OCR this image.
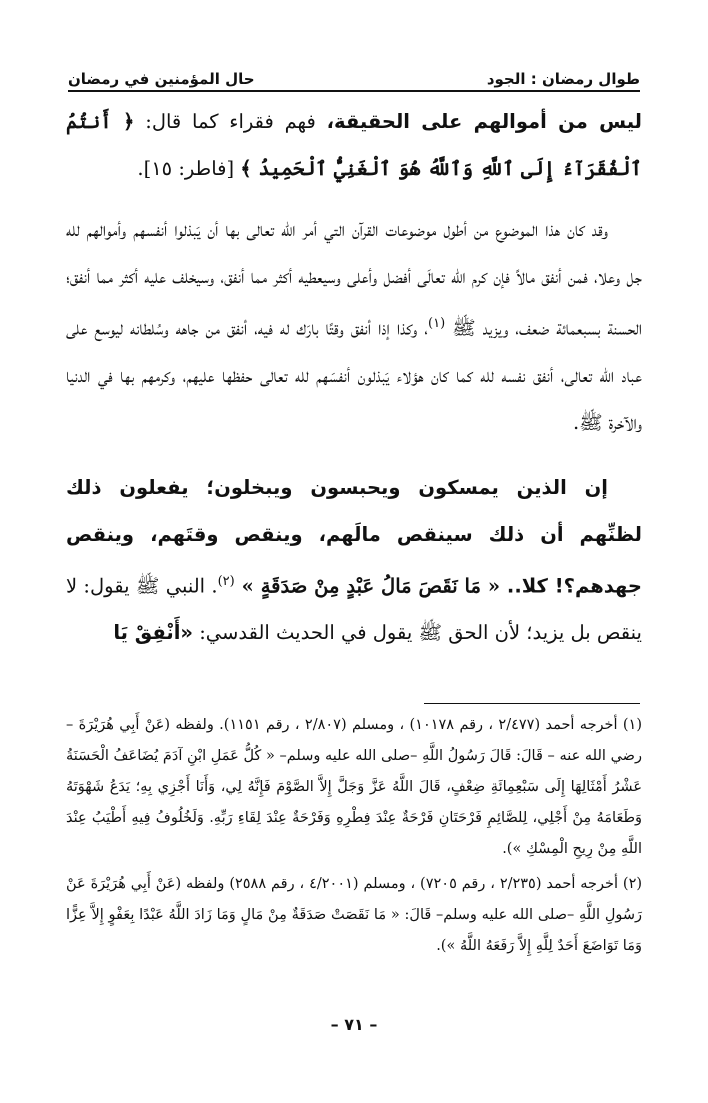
طوال رمضان : الجود
حال المؤمنين في رمضان

ليس من أموالهم على الحقيقة، فهم فقراء كما قال: ﴿ أَنتُمُ ٱلْفُقَرَآءُ إِلَى ٱللَّهِ وَٱللَّهُ هُوَ ٱلْغَنِيُّ ٱلْحَمِيدُ ﴾ [فاطر: ١٥].

وقد كان هذا الموضوع من أطول موضوعات القرآن التي أمر الله تعالى بها أن يَبذلوا أنفسهم وأموالهم لله جل وعلا، فمن أنفق مالاً فإن كرم الله تعالَى أفضل وأعلى وسيعطيه أكثر مما أنفق، وسيخلف عليه أكثر مما أنفق؛ الحسنة بسبعمائة ضعف، ويزيد ﷺ $^{(١)}$، وكذا إذا أنفق وقتًا بارَك له فيه، أنفق من جاهه وسُلطانه ليوسع على عباد الله تعالى، أنفق نفسه لله كما كان هؤلاء يَبذلون أنفسَهم لله تعالى حفظها عليهم، وكرمهم بها في الدنيا والآخرة ﷺ.

إن الذين يمسكون ويحبسون ويبخلون؛ يفعلون ذلك لظنِّهم أن ذلك سينقص مالَهم، وينقص وقتَهم، وينقص جهدهم؟! كلا.. « مَا نَقَصَ مَالُ عَبْدٍ مِنْ صَدَقَةٍ » $^{(٢)}$. النبي ﷺ يقول: لا ينقص بل يزيد؛ لأن الحق ﷺ يقول في الحديث القدسي: «أَنْفِقْ يَا

(١) أخرجه أحمد (٢/٤٧٧ ، رقم ١٠١٧٨) ، ومسلم (٢/٨٠٧ ، رقم ١١٥١). ولفظه (عَنْ أَبِي هُرَيْرَةَ – رضي الله عنه – قَالَ: قَالَ رَسُولُ اللَّهِ –صلى الله عليه وسلم– « كُلُّ عَمَلِ ابْنِ آدَمَ يُضَاعَفُ الْحَسَنَةُ عَشْرُ أَمْثَالِهَا إِلَى سَبْعِمِائَةِ ضِعْفٍ، قَالَ اللَّهُ عَزَّ وَجَلَّ إِلاَّ الصَّوْمَ فَإِنَّهُ لِي، وَأَنَا أَجْزِي بِهِ؛ يَدَعُ شَهْوَتَهُ وَطَعَامَهُ مِنْ أَجْلِي، لِلصَّائِمِ فَرْحَتَانِ فَرْحَةٌ عِنْدَ فِطْرِهِ وَفَرْحَةٌ عِنْدَ لِقَاءِ رَبِّهِ. وَلَخُلُوفُ فِيهِ أَطْيَبُ عِنْدَ اللَّهِ مِنْ رِيحِ الْمِسْكِ »).

(٢) أخرجه أحمد (٢/٢٣٥ ، رقم ٧٢٠٥) ، ومسلم (٤/٢٠٠١ ، رقم ٢٥٨٨) ولفظه (عَنْ أَبِي هُرَيْرَةَ عَنْ رَسُولِ اللَّهِ –صلى الله عليه وسلم– قَالَ: « مَا نَقَصَتْ صَدَقَةٌ مِنْ مَالٍ وَمَا زَادَ اللَّهُ عَبْدًا بِعَفْوٍ إِلاَّ عِزًّا وَمَا تَوَاضَعَ أَحَدٌ لِلَّهِ إِلاَّ رَفَعَهُ اللَّهُ »).

– ٧١ –
